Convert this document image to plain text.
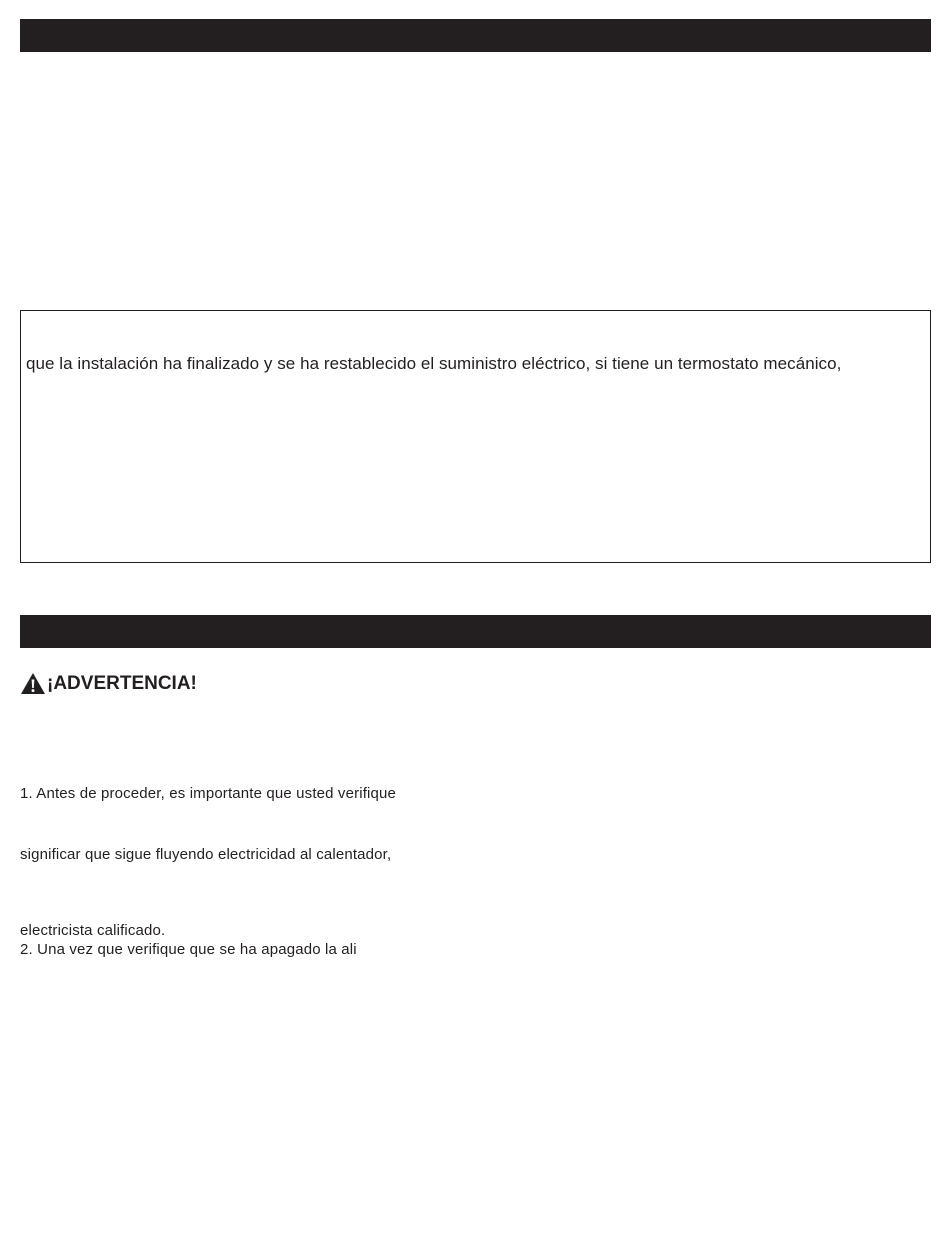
que la instalación ha finalizado y se ha restablecido el suministro eléctrico, si tiene un termostato mecánico,
¡ADVERTENCIA!
1. Antes de proceder, es importante que usted verifique
significar que sigue fluyendo electricidad al calentador,
electricista calificado.
2. Una vez que verifique que se ha apagado la ali
